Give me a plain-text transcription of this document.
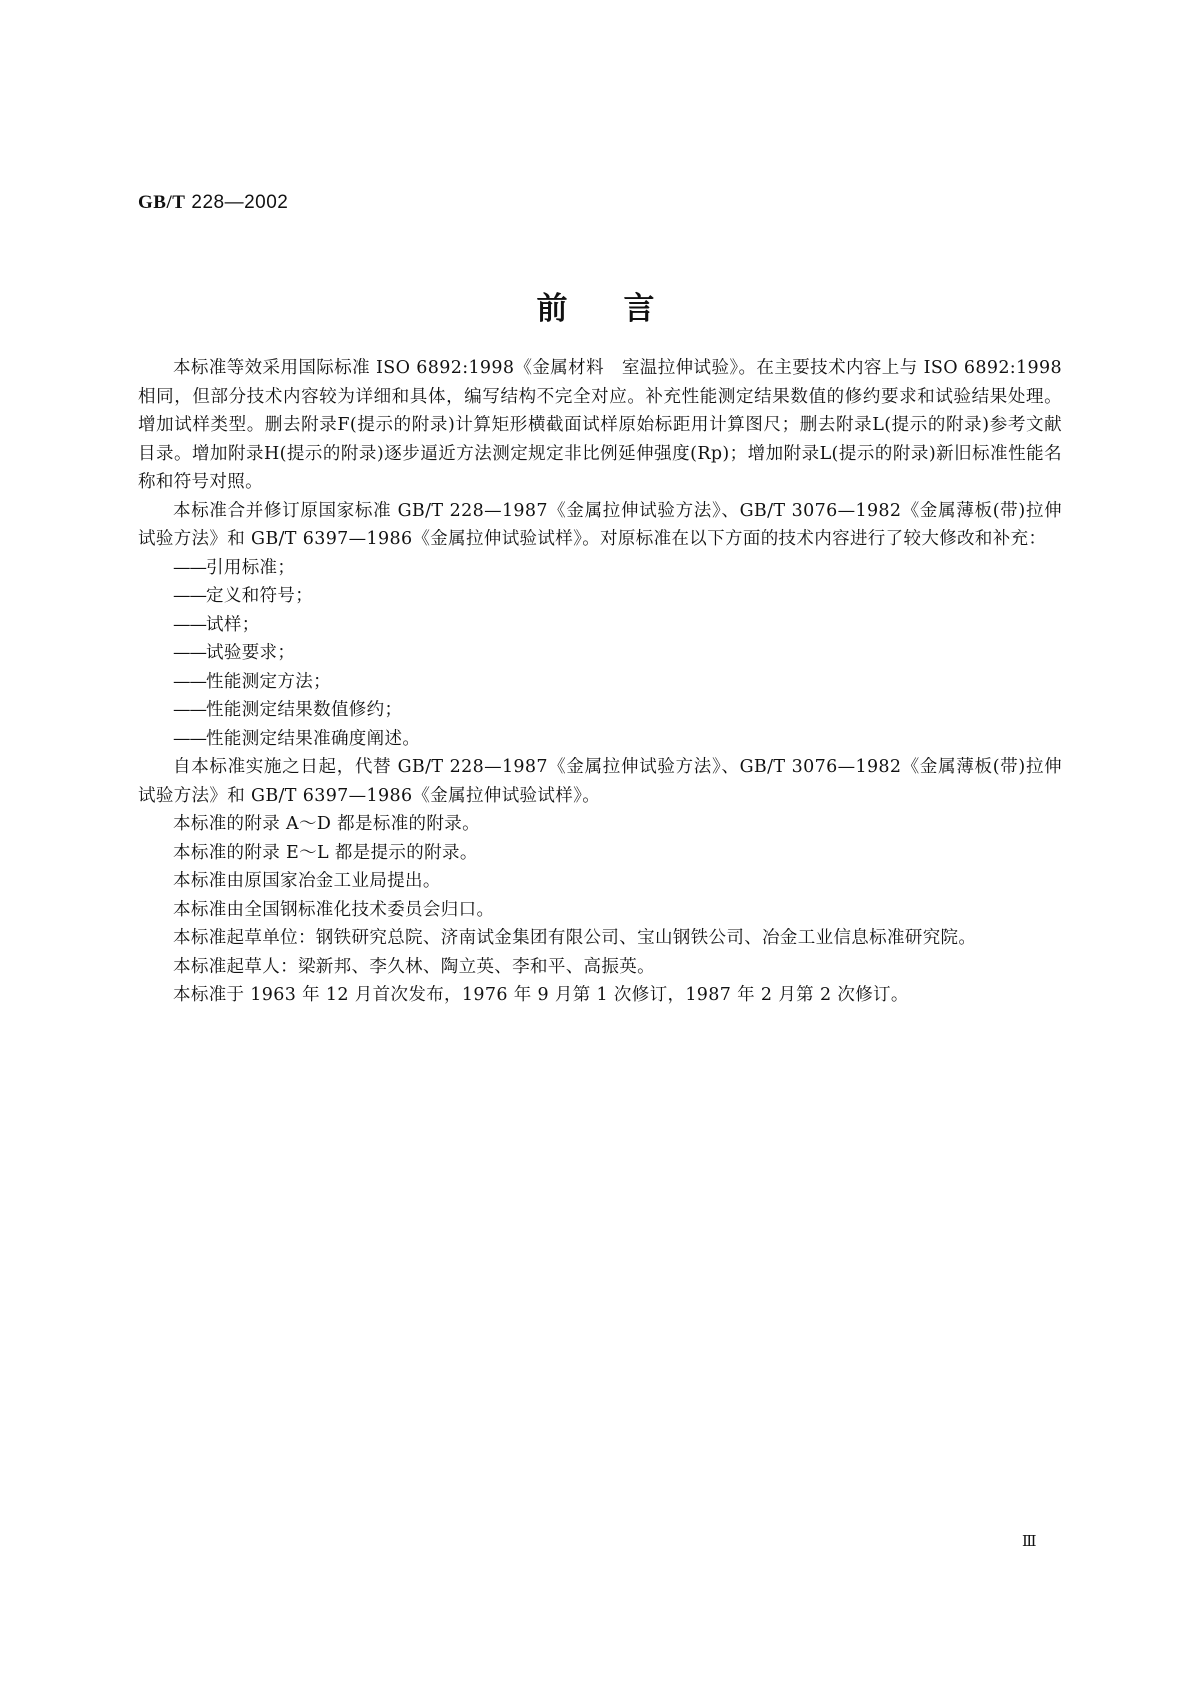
GB/T 228—2002
前言

本标准等效采用国际标准 ISO 6892:1998《金属材料　室温拉伸试验》。在主要技术内容上与 ISO 6892:1998 相同，但部分技术内容较为详细和具体，编写结构不完全对应。补充性能测定结果数值的修约要求和试验结果处理。增加试样类型。删去附录F(提示的附录)计算矩形横截面试样原始标距用计算图尺；删去附录L(提示的附录)参考文献目录。增加附录H(提示的附录)逐步逼近方法测定规定非比例延伸强度(Rp)；增加附录L(提示的附录)新旧标准性能名称和符号对照。

本标准合并修订原国家标准 GB/T 228—1987《金属拉伸试验方法》、GB/T 3076—1982《金属薄板(带)拉伸试验方法》和 GB/T 6397—1986《金属拉伸试验试样》。对原标准在以下方面的技术内容进行了较大修改和补充：

——引用标准；

——定义和符号；

——试样；

——试验要求；

——性能测定方法；

——性能测定结果数值修约；

——性能测定结果准确度阐述。

自本标准实施之日起，代替 GB/T 228—1987《金属拉伸试验方法》、GB/T 3076—1982《金属薄板(带)拉伸试验方法》和 GB/T 6397—1986《金属拉伸试验试样》。

本标准的附录 A～D 都是标准的附录。

本标准的附录 E～L 都是提示的附录。

本标准由原国家冶金工业局提出。

本标准由全国钢标准化技术委员会归口。

本标准起草单位：钢铁研究总院、济南试金集团有限公司、宝山钢铁公司、冶金工业信息标准研究院。

本标准起草人：梁新邦、李久林、陶立英、李和平、高振英。

本标准于 1963 年 12 月首次发布，1976 年 9 月第 1 次修订，1987 年 2 月第 2 次修订。

Ⅲ
